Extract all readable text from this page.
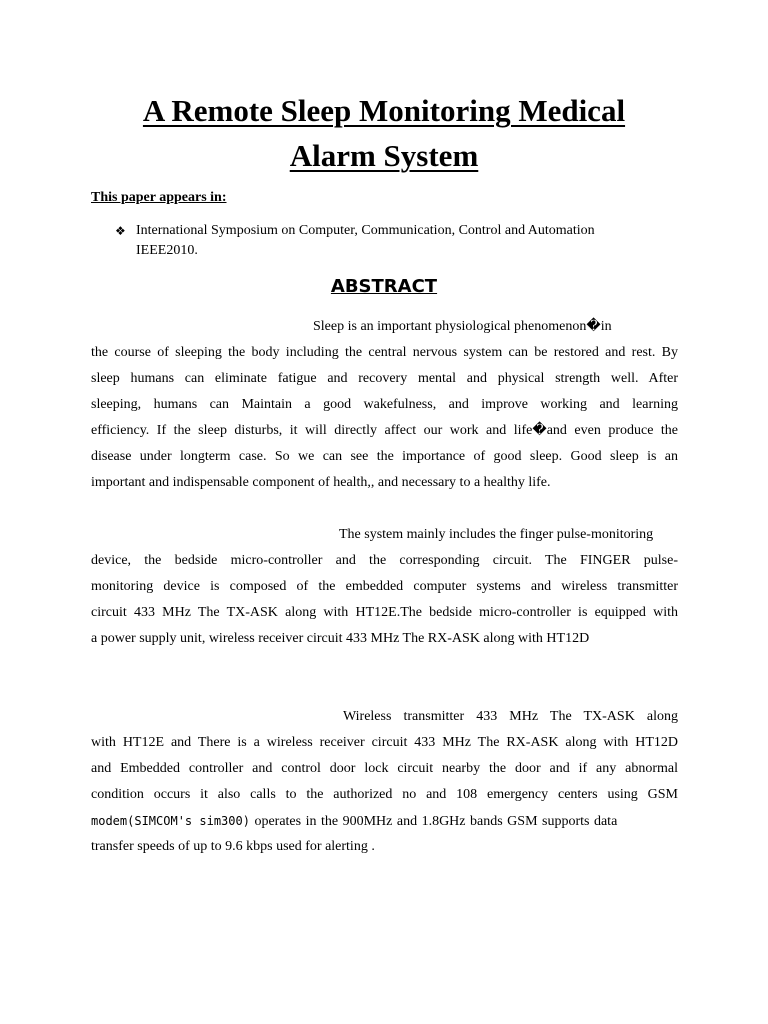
A Remote Sleep Monitoring Medical
Alarm System
This paper appears in:
❖ International Symposium on Computer, Communication, Control and Automation
IEEE2010.
ABSTRACT
Sleep is an important physiological phenomenon�in
the course of sleeping the body including the central nervous system can be restored and rest. By
sleep humans can eliminate fatigue and recovery mental and physical strength well. After
sleeping, humans can Maintain a good wakefulness, and improve working and learning
efficiency. If the sleep disturbs, it will directly affect our work and life�and even produce the
disease under longterm case. So we can see the importance of good sleep. Good sleep is an
important and indispensable component of health,, and necessary to a healthy life.
The system mainly includes the finger pulse-monitoring
device, the bedside micro-controller and the corresponding circuit. The FINGER pulse-
monitoring device is composed of the embedded computer systems and wireless transmitter
circuit 433 MHz The TX-ASK along with HT12E.The bedside micro-controller is equipped with
a power supply unit, wireless receiver circuit 433 MHz The RX-ASK along with HT12D
Wireless transmitter 433 MHz The TX-ASK along
with HT12E and There is a wireless receiver circuit 433 MHz The RX-ASK along with HT12D
and Embedded controller and control door lock circuit nearby the door and if any abnormal
condition occurs it also calls to the authorized no and 108 emergency centers using GSM
modem(SIMCOM's sim300) operates in the 900MHz and 1.8GHz bands GSM supports data
transfer speeds of up to 9.6 kbps used for alerting .
